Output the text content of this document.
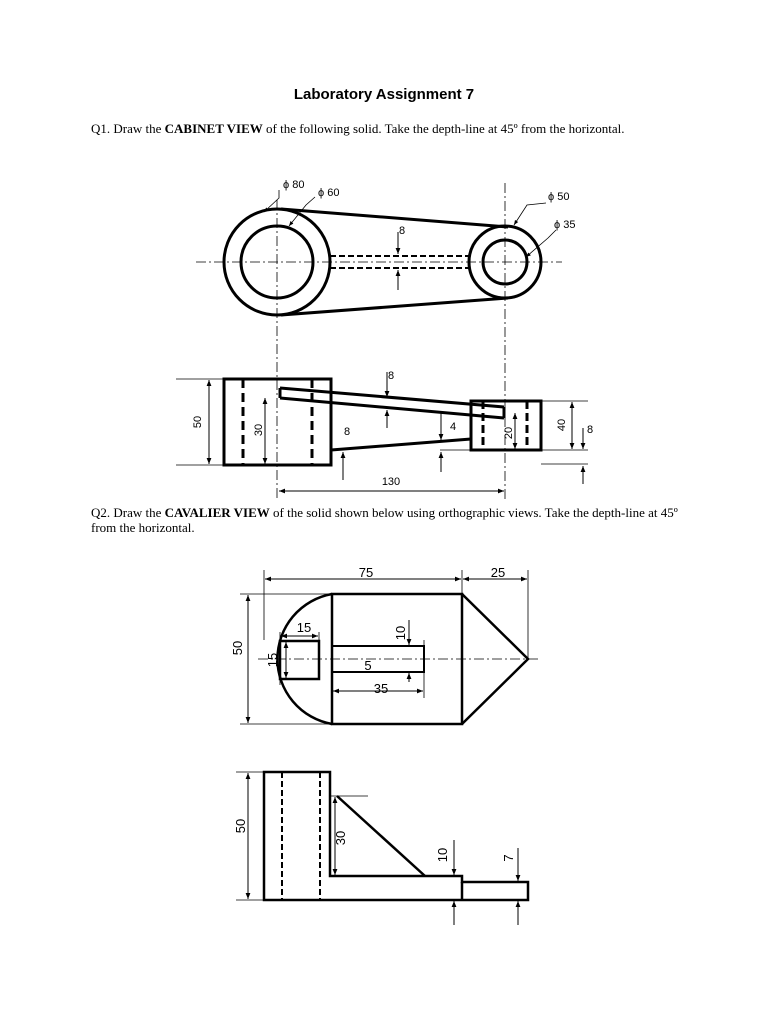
Laboratory Assignment 7
Q1. Draw the CABINET VIEW of the following solid. Take the depth-line at 45º from the horizontal.
Q2. Draw the CAVALIER VIEW of the solid shown below using orthographic views. Take the depth-line at 45º from the horizontal.
ϕ 80
ϕ 60	ϕ 50
ϕ 35
8
50
30
8
8	4	20
40 8
130
75	25
50
15
15
10
5
35
50
30
10	7
